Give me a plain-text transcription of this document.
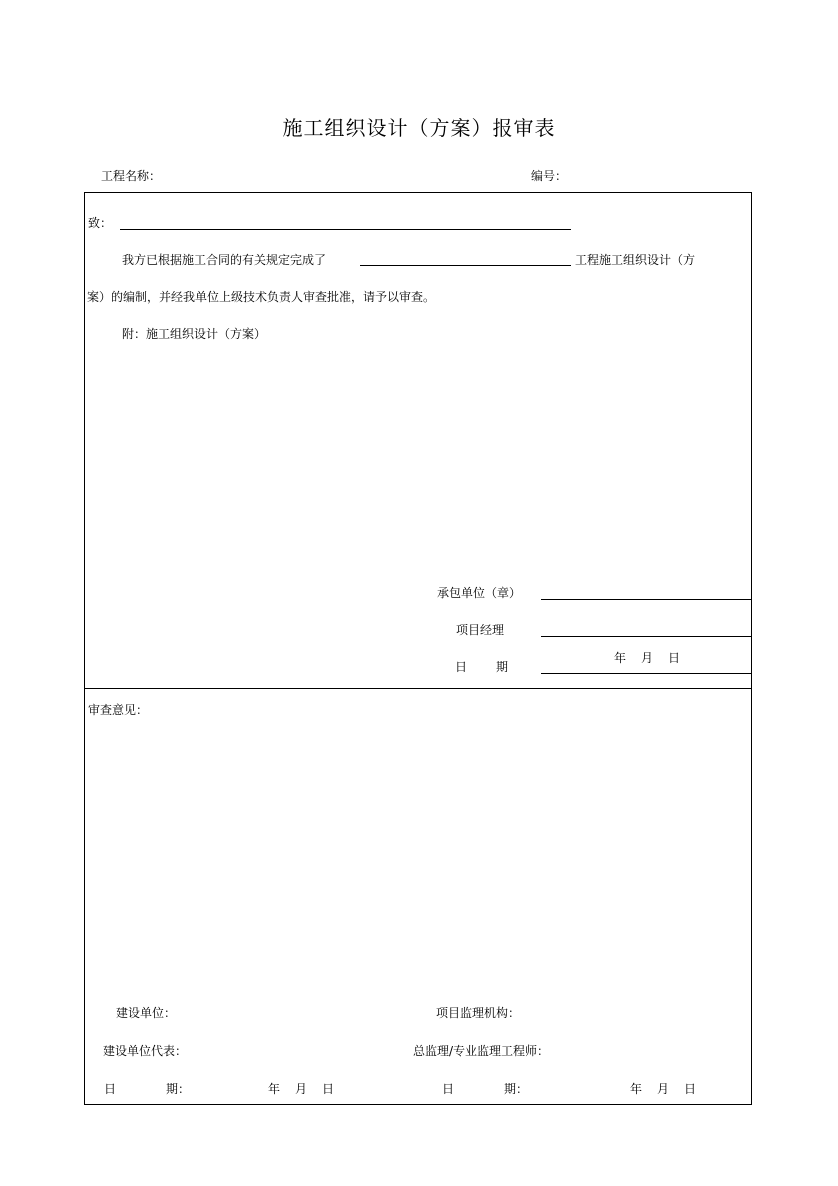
施工组织设计（方案）报审表
工程名称：	编号：
致：
我方已根据施工合同的有关规定完成了	工程施工组织设计（方
案）的编制，并经我单位上级技术负责人审查批准，请予以审查。
附：施工组织设计（方案）
承包单位（章）
项目经理
日 期
年 月 日
审查意见：
建设单位：	项目监理机构：
建设单位代表：	总监理/专业监理工程师：
日	期：	年 月 日	日	期：	年 月 日
